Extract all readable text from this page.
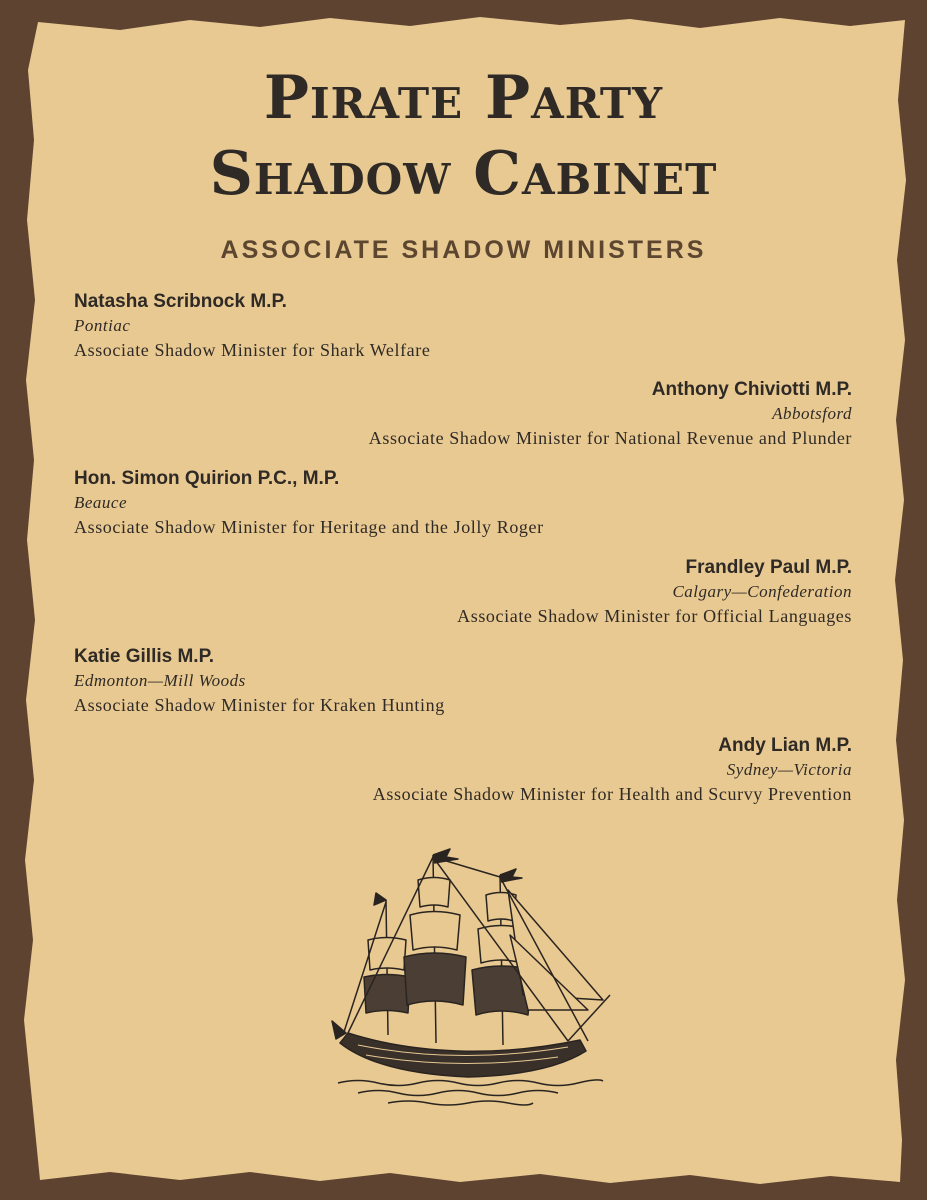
Pirate Party
Shadow Cabinet
ASSOCIATE SHADOW MINISTERS
Natasha Scribnock M.P.
Pontiac
Associate Shadow Minister for Shark Welfare
Anthony Chiviotti M.P.
Abbotsford
Associate Shadow Minister for National Revenue and Plunder
Hon. Simon Quirion P.C., M.P.
Beauce
Associate Shadow Minister for Heritage and the Jolly Roger
Frandley Paul M.P.
Calgary—Confederation
Associate Shadow Minister for Official Languages
Katie Gillis M.P.
Edmonton—Mill Woods
Associate Shadow Minister for Kraken Hunting
Andy Lian M.P.
Sydney—Victoria
Associate Shadow Minister for Health and Scurvy Prevention
